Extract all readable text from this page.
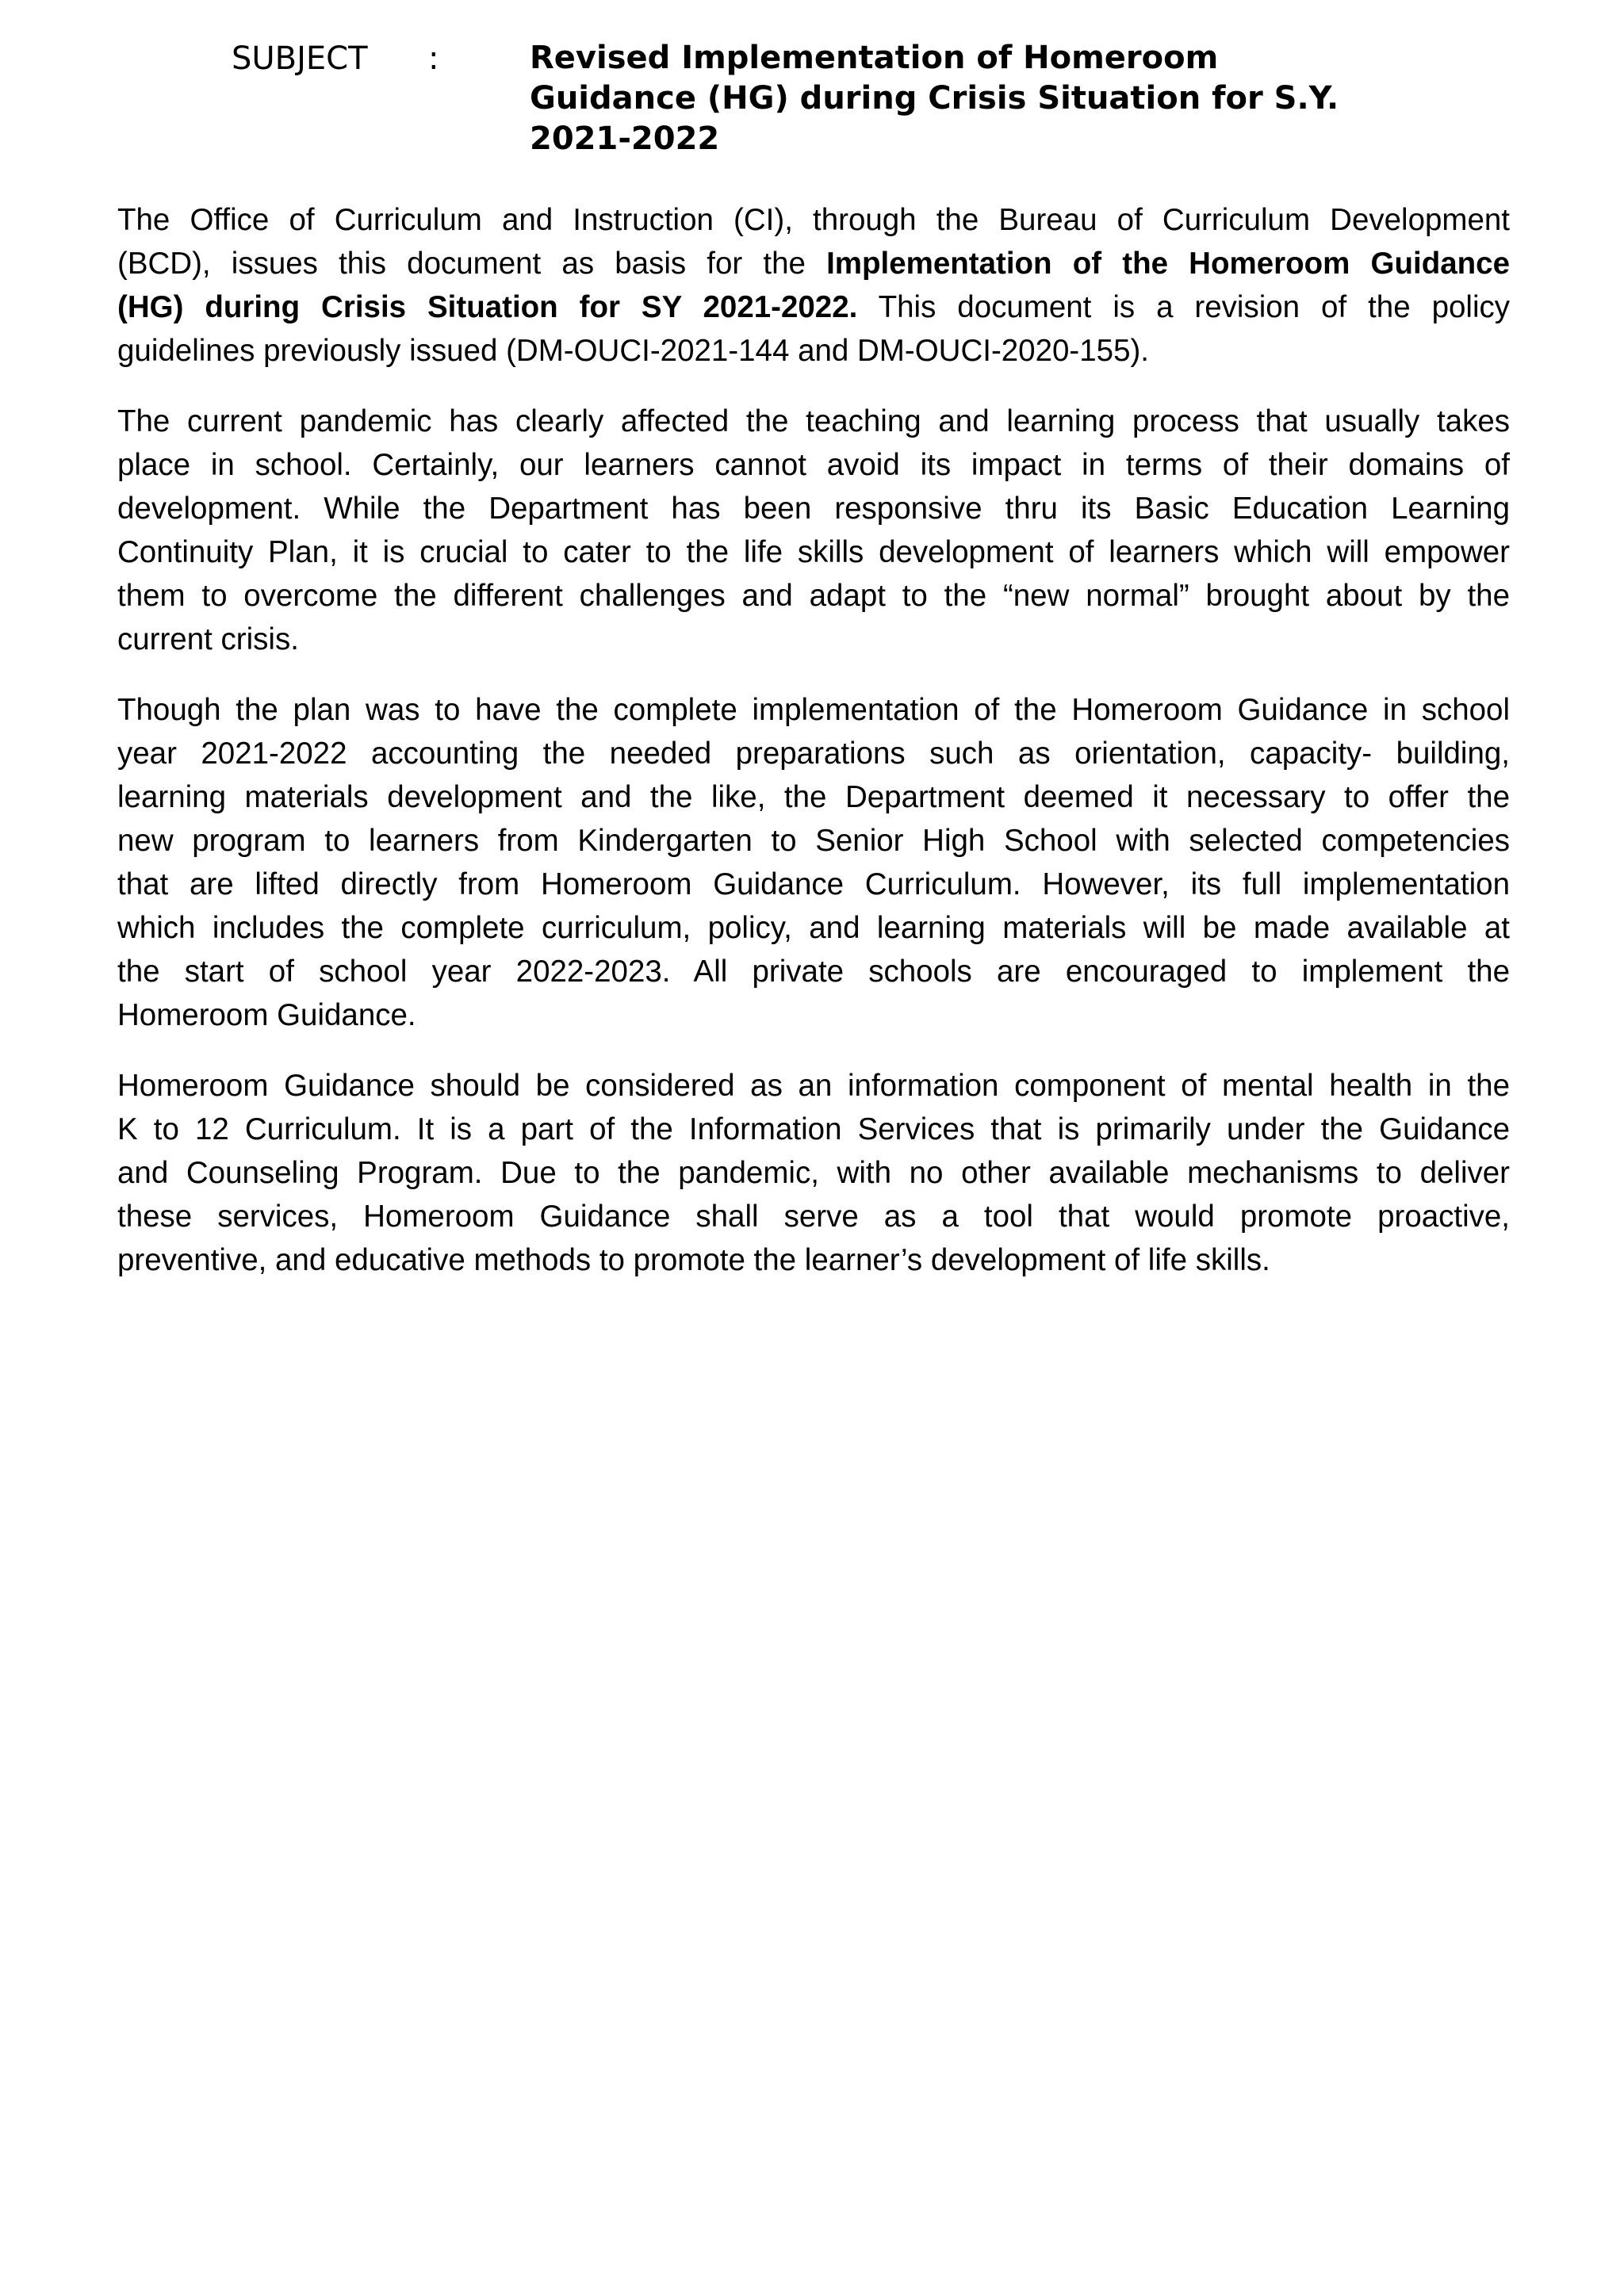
SUBJECT :	Revised Implementation of Homeroom
Guidance (HG) during Crisis Situation for S.Y.
2021-2022

The Office of Curriculum and Instruction (CI), through the Bureau of Curriculum Development
(BCD), issues this document as basis for the Implementation of the Homeroom Guidance
(HG) during Crisis Situation for SY 2021-2022. This document is a revision of the policy
guidelines previously issued (DM-OUCI-2021-144 and DM-OUCI-2020-155).

The current pandemic has clearly affected the teaching and learning process that usually takes
place in school. Certainly, our learners cannot avoid its impact in terms of their domains of
development. While the Department has been responsive thru its Basic Education Learning
Continuity Plan, it is crucial to cater to the life skills development of learners which will empower
them to overcome the different challenges and adapt to the “new normal” brought about by the
current crisis.

Though the plan was to have the complete implementation of the Homeroom Guidance in school
year 2021-2022 accounting the needed preparations such as orientation, capacity- building,
learning materials development and the like, the Department deemed it necessary to offer the
new program to learners from Kindergarten to Senior High School with selected competencies
that are lifted directly from Homeroom Guidance Curriculum. However, its full implementation
which includes the complete curriculum, policy, and learning materials will be made available at
the start of school year 2022-2023. All private schools are encouraged to implement the
Homeroom Guidance.

Homeroom Guidance should be considered as an information component of mental health in the
K to 12 Curriculum. It is a part of the Information Services that is primarily under the Guidance
and Counseling Program. Due to the pandemic, with no other available mechanisms to deliver
these services, Homeroom Guidance shall serve as a tool that would promote proactive,
preventive, and educative methods to promote the learner’s development of life skills.
